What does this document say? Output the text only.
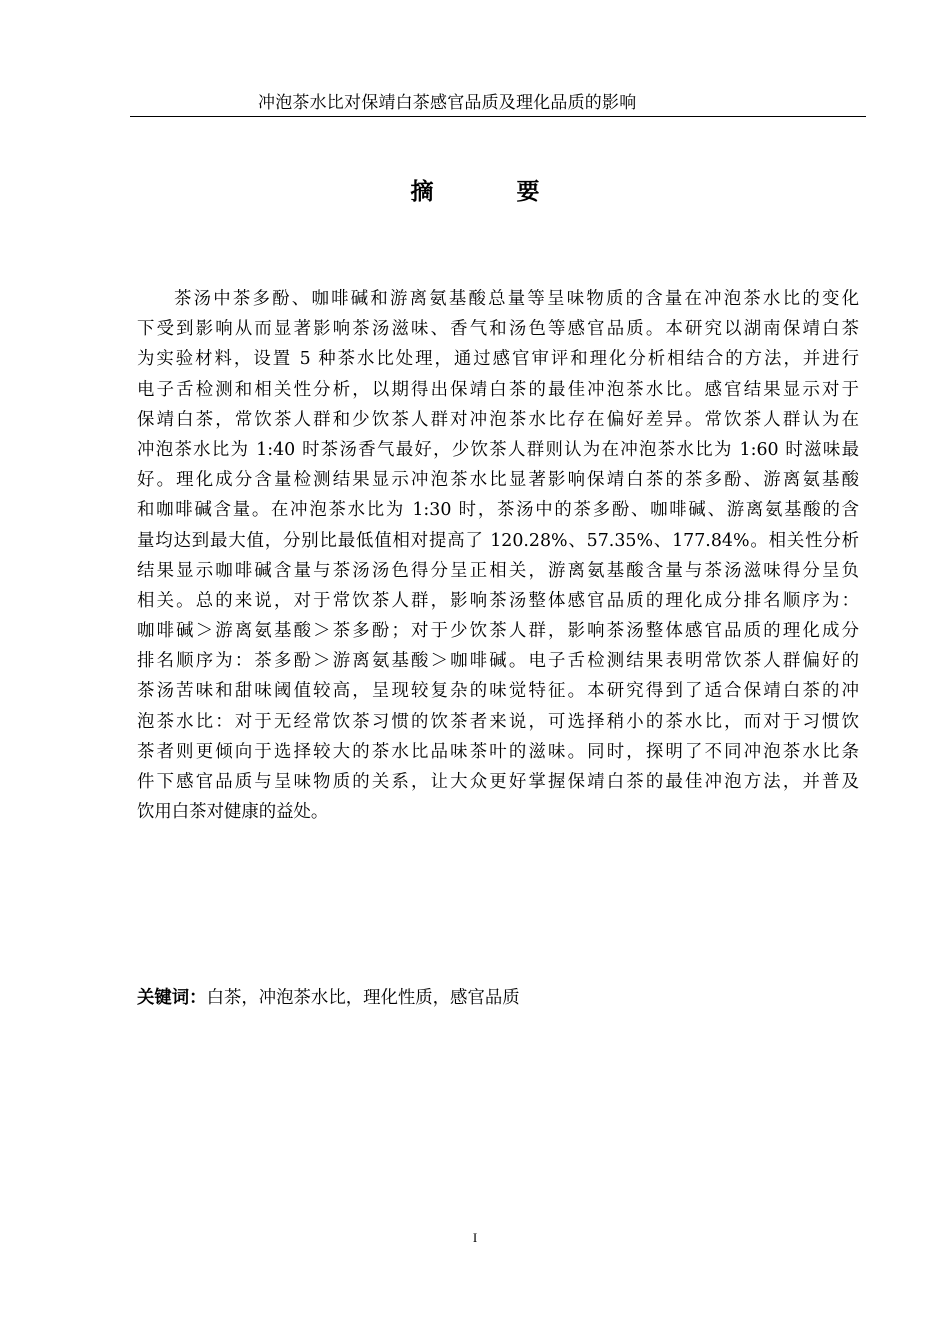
冲泡茶水比对保靖白茶感官品质及理化品质的影响
摘　要
茶汤中茶多酚、咖啡碱和游离氨基酸总量等呈味物质的含量在冲泡茶水比的变化
下受到影响从而显著影响茶汤滋味、香气和汤色等感官品质。本研究以湖南保靖白茶
为实验材料，设置 5 种茶水比处理，通过感官审评和理化分析相结合的方法，并进行
电子舌检测和相关性分析，以期得出保靖白茶的最佳冲泡茶水比。感官结果显示对于
保靖白茶，常饮茶人群和少饮茶人群对冲泡茶水比存在偏好差异。常饮茶人群认为在
冲泡茶水比为 1:40 时茶汤香气最好，少饮茶人群则认为在冲泡茶水比为 1:60 时滋味最
好。理化成分含量检测结果显示冲泡茶水比显著影响保靖白茶的茶多酚、游离氨基酸
和咖啡碱含量。在冲泡茶水比为 1:30 时，茶汤中的茶多酚、咖啡碱、游离氨基酸的含
量均达到最大值，分别比最低值相对提高了 120.28%、57.35%、177.84%。相关性分析
结果显示咖啡碱含量与茶汤汤色得分呈正相关，游离氨基酸含量与茶汤滋味得分呈负
相关。总的来说，对于常饮茶人群，影响茶汤整体感官品质的理化成分排名顺序为：
咖啡碱＞游离氨基酸＞茶多酚；对于少饮茶人群，影响茶汤整体感官品质的理化成分
排名顺序为：茶多酚＞游离氨基酸＞咖啡碱。电子舌检测结果表明常饮茶人群偏好的
茶汤苦味和甜味阈值较高，呈现较复杂的味觉特征。本研究得到了适合保靖白茶的冲
泡茶水比：对于无经常饮茶习惯的饮茶者来说，可选择稍小的茶水比，而对于习惯饮
茶者则更倾向于选择较大的茶水比品味茶叶的滋味。同时，探明了不同冲泡茶水比条
件下感官品质与呈味物质的关系，让大众更好掌握保靖白茶的最佳冲泡方法，并普及
饮用白茶对健康的益处。
关键词：白茶，冲泡茶水比，理化性质，感官品质
I
